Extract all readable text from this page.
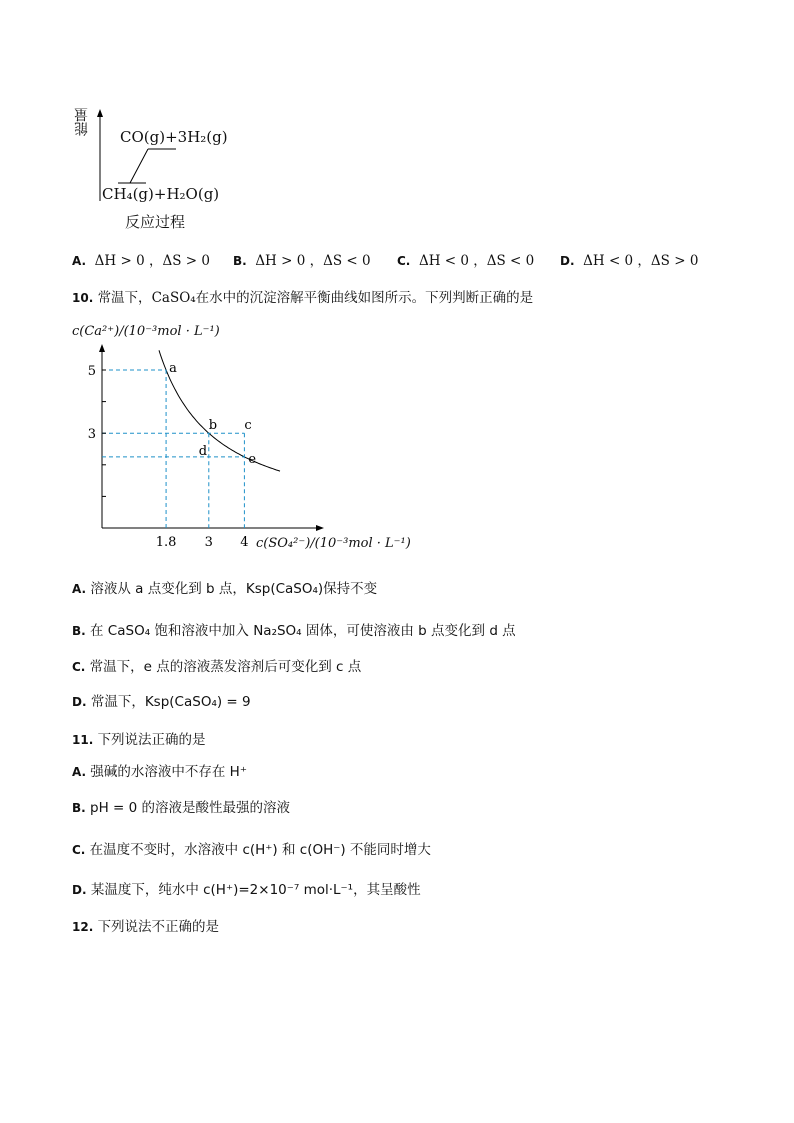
能量
CO(g)+3H₂(g)
CH₄(g)+H₂O(g)
反应过程
A. ΔH > 0 ，ΔS > 0 B. ΔH > 0 ，ΔS < 0 C. ΔH < 0 ，ΔS < 0 D. ΔH < 0 ，ΔS > 0
10. 常温下，CaSO₄在水中的沉淀溶解平衡曲线如图所示。下列判断正确的是
c(Ca²⁺)/(10⁻³mol · L⁻¹)
a
b c
d
e
1.8 3 4
5
3
c(SO₄²⁻)/(10⁻³mol · L⁻¹)
A. 溶液从 a 点变化到 b 点，Ksp(CaSO₄)保持不变
B. 在 CaSO₄ 饱和溶液中加入 Na₂SO₄ 固体，可使溶液由 b 点变化到 d 点
C. 常温下，e 点的溶液蒸发溶剂后可变化到 c 点
D. 常温下，Ksp(CaSO₄) = 9
11. 下列说法正确的是
A. 强碱的水溶液中不存在 H⁺
B. pH = 0 的溶液是酸性最强的溶液
C. 在温度不变时，水溶液中 c(H⁺) 和 c(OH⁻) 不能同时增大
D. 某温度下，纯水中 c(H⁺)=2×10⁻⁷ mol·L⁻¹，其呈酸性
12. 下列说法不正确的是
